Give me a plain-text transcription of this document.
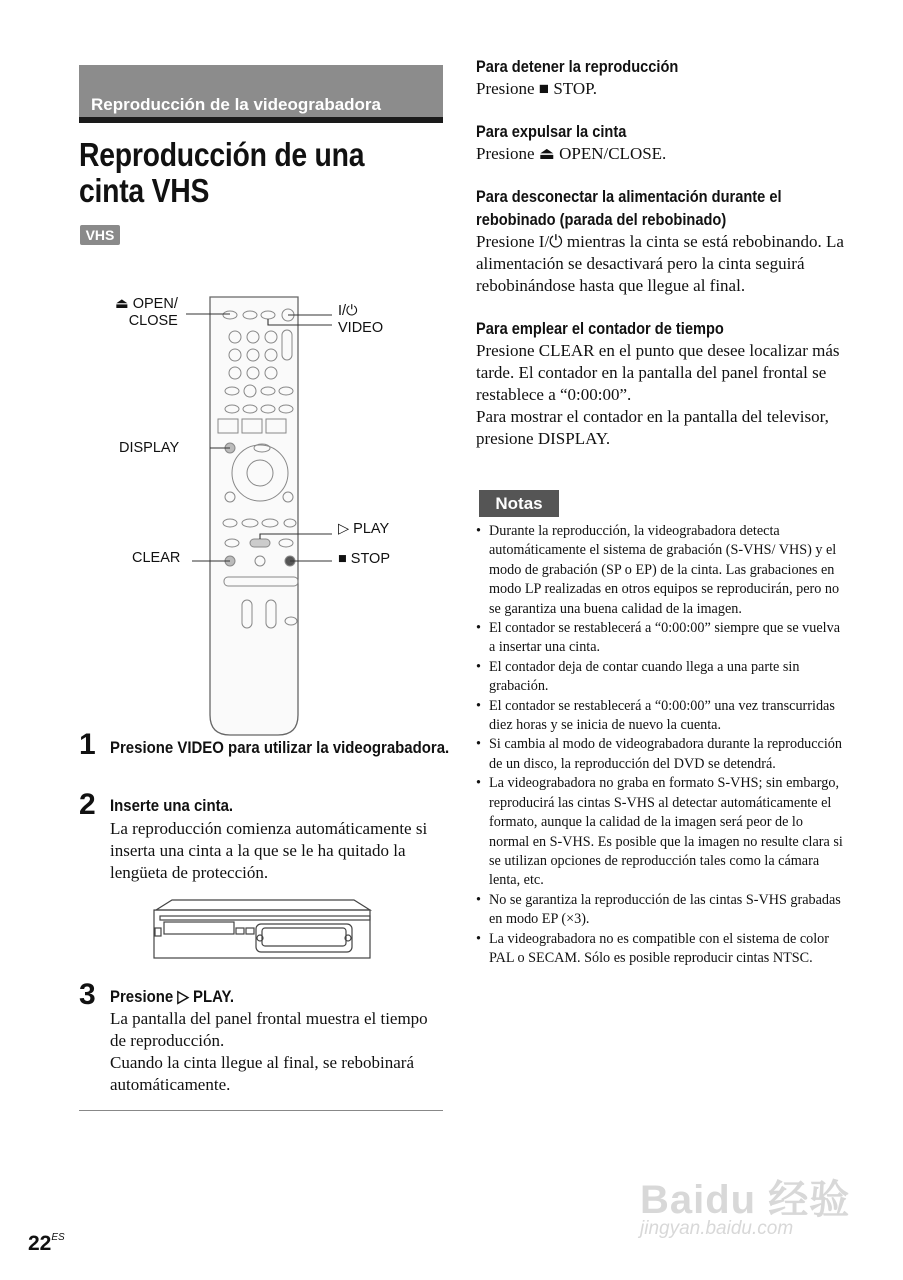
Reproducción de la videograbadora
Reproducción de una cinta VHS
VHS
⏏ OPEN/
CLOSE
I/⏻
VIDEO
DISPLAY
▷ PLAY
CLEAR	■ STOP
1 Presione VIDEO para utilizar la videograbadora.
2 Inserte una cinta.
La reproducción comienza automáticamente si inserta una cinta a la que se le ha quitado la lengüeta de protección.
3 Presione ▷ PLAY.
La pantalla del panel frontal muestra el tiempo de reproducción.
Cuando la cinta llegue al final, se rebobinará automáticamente.
Para detener la reproducción

Presione ■ STOP.

Para expulsar la cinta

Presione ⏏ OPEN/CLOSE.

Para desconectar la alimentación durante el rebobinado (parada del rebobinado)

Presione I/⏻ mientras la cinta se está rebobinando. La alimentación se desactivará pero la cinta seguirá rebobinándose hasta que llegue al final.

Para emplear el contador de tiempo

Presione CLEAR en el punto que desee localizar más tarde. El contador en la pantalla del panel frontal se restablece a “0:00:00”.
Para mostrar el contador en la pantalla del televisor, presione DISPLAY.

Notas
• Durante la reproducción, la videograbadora detecta automáticamente el sistema de grabación (S-VHS/ VHS) y el modo de grabación (SP o EP) de la cinta. Las grabaciones en modo LP realizadas en otros equipos se reproducirán, pero no se garantiza una buena calidad de la imagen.
• El contador se restablecerá a “0:00:00” siempre que se vuelva a insertar una cinta.
• El contador deja de contar cuando llega a una parte sin grabación.
• El contador se restablecerá a “0:00:00” una vez transcurridas diez horas y se inicia de nuevo la cuenta.
• Si cambia al modo de videograbadora durante la reproducción de un disco, la reproducción del DVD se detendrá.
• La videograbadora no graba en formato S-VHS; sin embargo, reproducirá las cintas S-VHS al detectar automáticamente el formato, aunque la calidad de la imagen será peor de lo normal en S-VHS. Es posible que la imagen no resulte clara si se utilizan opciones de reproducción tales como la cámara lenta, etc.
• No se garantiza la reproducción de las cintas S-VHS grabadas en modo EP (×3).
• La videograbadora no es compatible con el sistema de color PAL o SECAM. Sólo es posible reproducir cintas NTSC.
$22^{ES}$
Baidu 经验
jingyan.baidu.com
